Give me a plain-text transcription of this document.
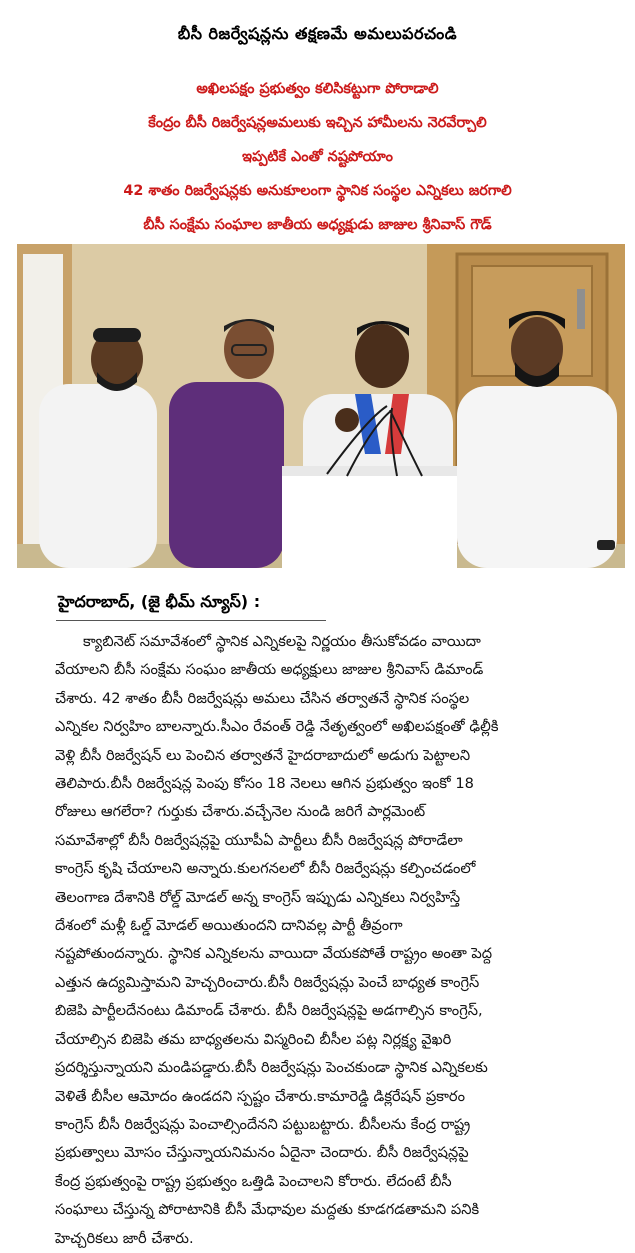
బీసీ రిజర్వేషన్లను తక్షణమే అమలుపరచండి
అఖిలపక్షం ప్రభుత్వం కలిసికట్టుగా పోరాడాలి
కేంద్రం బీసీ రిజర్వేషన్లఅమలుకు ఇచ్చిన హామీలను నెరవేర్చాలి
ఇప్పటికే ఎంతో నష్టపోయాం
42 శాతం రిజర్వేషన్లకు అనుకూలంగా స్థానిక సంస్థల ఎన్నికలు జరగాలి
బీసీ సంక్షేమ సంఘాల జాతీయ అధ్యక్షుడు జాజుల శ్రీనివాస్ గౌడ్
హైదరాబాద్, (జై భీమ్ న్యూస్) :
క్యాబినెట్ సమావేశంలో స్థానిక ఎన్నికలపై నిర్ణయం తీసుకోవడం వాయిదా
వేయాలని బీసీ సంక్షేమ సంఘం జాతీయ అధ్యక్షులు జాజుల శ్రీనివాస్ డిమాండ్
చేశారు. 42 శాతం బీసీ రిజర్వేషన్లు అమలు చేసిన తర్వాతనే స్థానిక సంస్థల
ఎన్నికల నిర్వహిం బాలన్నారు.సీఎం రేవంత్ రెడ్డి నేతృత్వంలో అఖిలపక్షంతో ఢిల్లీకి
వెళ్లి బీసీ రిజర్వేషన్ లు పెంచిన తర్వాతనే హైదరాబాదులో అడుగు పెట్టాలని
తెలిపారు.బీసీ రిజర్వేషన్ల పెంపు కోసం 18 నెలలు ఆగిన ప్రభుత్వం ఇంకో 18
రోజులు ఆగలేరా? గుర్తుకు చేశారు.వచ్చేనెల నుండి జరిగే పార్లమెంట్
సమావేశాల్లో బీసీ రిజర్వేషన్లపై యూపీఏ పార్టీలు బీసీ రిజర్వేషన్ల పోరాడేలా
కాంగ్రెస్ కృషి చేయాలని అన్నారు.కులగనలలో బీసీ రిజర్వేషన్లు కల్పించడంలో
తెలంగాణ దేశానికి రోల్డ్ మోడల్ అన్న కాంగ్రెస్ ఇప్పుడు ఎన్నికలు నిర్వహిస్తే
దేశంలో మళ్లీ ఓల్డ్ మోడల్ అయితుందని దానివల్ల పార్టీ తీవ్రంగా
నష్టపోతుందన్నారు. స్థానిక ఎన్నికలను వాయిదా వేయకపోతే రాష్ట్రం అంతా పెద్ద
ఎత్తున ఉద్యమిస్తామని హెచ్చరించారు.బీసీ రిజర్వేషన్లు పెంచే బాధ్యత కాంగ్రెస్
బిజెపి పార్టీలదేనంటు డిమాండ్ చేశారు. బీసీ రిజర్వేషన్లపై అడగాల్సిన కాంగ్రెస్,
చేయాల్సిన బిజెపి తమ బాధ్యతలను విస్మరించి బీసీల పట్ల నిర్లక్ష్య వైఖరి
ప్రదర్శిస్తున్నాయని మండిపడ్డారు.బీసీ రిజర్వేషన్లు పెంచకుండా స్థానిక ఎన్నికలకు
వెళితే బీసీల ఆమోదం ఉండదని స్పష్టం చేశారు.కామారెడ్డి డిక్లరేషన్ ప్రకారం
కాంగ్రెస్ బీసీ రిజర్వేషన్లు పెంచాల్సిందేనని పట్టుబట్టారు. బీసీలను కేంద్ర రాష్ట్ర
ప్రభుత్వాలు మోసం చేస్తున్నాయనిమనం ఏదైనా చెందారు. బీసీ రిజర్వేషన్లపై
కేంద్ర ప్రభుత్వంపై రాష్ట్ర ప్రభుత్వం ఒత్తిడి పెంచాలని కోరారు. లేదంటే బీసీ
సంఘాలు చేస్తున్న పోరాటానికి బీసీ మేధావుల మద్దతు కూడగడతామని పనికి
హెచ్చరికలు జారీ చేశారు.
